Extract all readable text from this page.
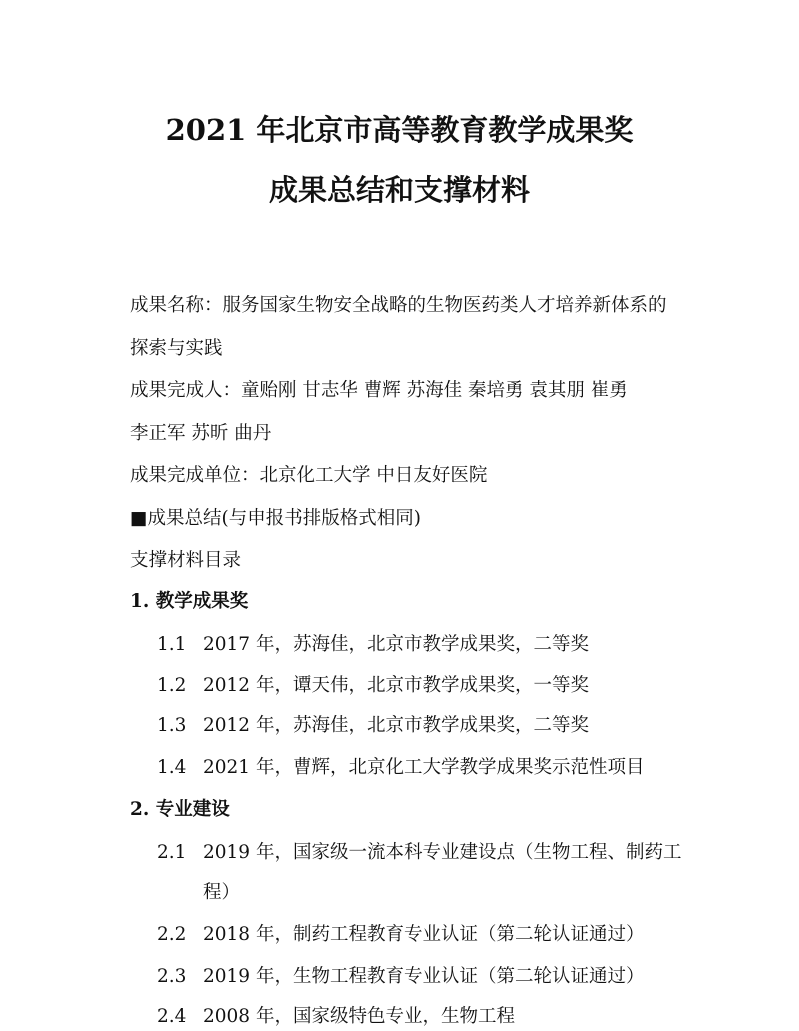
2021 年北京市高等教育教学成果奖
成果总结和支撑材料
成果名称：服务国家生物安全战略的生物医药类人才培养新体系的
探索与实践
成果完成人：童贻刚 甘志华 曹辉 苏海佳 秦培勇 袁其朋 崔勇
李正军 苏昕 曲丹
成果完成单位：北京化工大学 中日友好医院
■成果总结(与申报书排版格式相同)
支撑材料目录
1. 教学成果奖
1.1 2017 年，苏海佳，北京市教学成果奖，二等奖
1.2 2012 年，谭天伟，北京市教学成果奖，一等奖
1.3 2012 年，苏海佳，北京市教学成果奖，二等奖
1.4 2021 年，曹辉，北京化工大学教学成果奖示范性项目
2. 专业建设
2.1 2019 年，国家级一流本科专业建设点（生物工程、制药工
程）
2.2 2018 年，制药工程教育专业认证（第二轮认证通过）
2.3 2019 年，生物工程教育专业认证（第二轮认证通过）
2.4 2008 年，国家级特色专业，生物工程
